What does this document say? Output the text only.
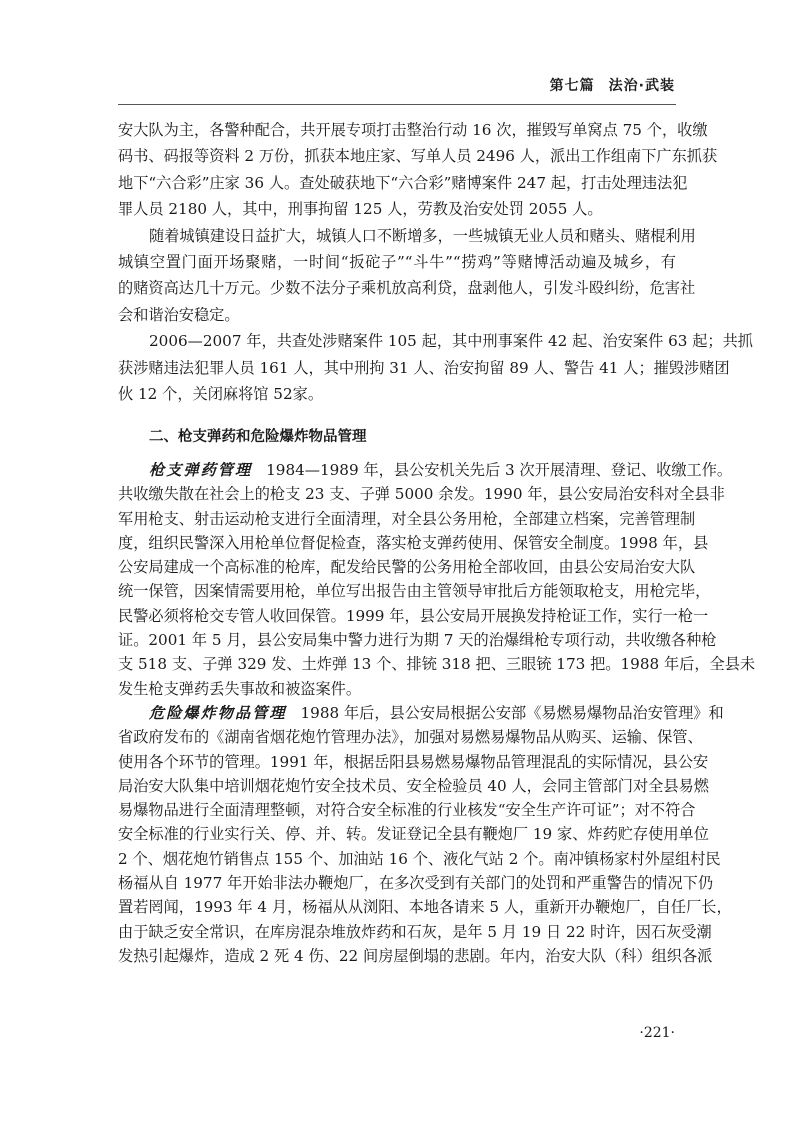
第七篇 法治·武装
安大队为主，各警种配合，共开展专项打击整治行动 16 次，摧毁写单窝点 75 个，收缴
码书、码报等资料 2 万份，抓获本地庄家、写单人员 2496 人，派出工作组南下广东抓获
地下“六合彩”庄家 36 人。查处破获地下“六合彩”赌博案件 247 起，打击处理违法犯
罪人员 2180 人，其中，刑事拘留 125 人，劳教及治安处罚 2055 人。
随着城镇建设日益扩大，城镇人口不断增多，一些城镇无业人员和赌头、赌棍利用
城镇空置门面开场聚赌，一时间“扳砣子”“斗牛”“捞鸡”等赌博活动遍及城乡，有
的赌资高达几十万元。少数不法分子乘机放高利贷，盘剥他人，引发斗殴纠纷，危害社
会和谐治安稳定。
2006—2007 年，共查处涉赌案件 105 起，其中刑事案件 42 起、治安案件 63 起；共抓
获涉赌违法犯罪人员 161 人，其中刑拘 31 人、治安拘留 89 人、警告 41 人；摧毁涉赌团
伙 12 个，关闭麻将馆 52家。
二、枪支弹药和危险爆炸物品管理
枪支弹药管理 1984—1989 年，县公安机关先后 3 次开展清理、登记、收缴工作。
共收缴失散在社会上的枪支 23 支、子弹 5000 余发。1990 年，县公安局治安科对全县非
军用枪支、射击运动枪支进行全面清理，对全县公务用枪，全部建立档案，完善管理制
度，组织民警深入用枪单位督促检查，落实枪支弹药使用、保管安全制度。1998 年，县
公安局建成一个高标准的枪库，配发给民警的公务用枪全部收回，由县公安局治安大队
统一保管，因案情需要用枪，单位写出报告由主管领导审批后方能领取枪支，用枪完毕，
民警必须将枪交专管人收回保管。1999 年，县公安局开展换发持枪证工作，实行一枪一
证。2001 年 5 月，县公安局集中警力进行为期 7 天的治爆缉枪专项行动，共收缴各种枪
支 518 支、子弹 329 发、土炸弹 13 个、排铳 318 把、三眼铳 173 把。1988 年后，全县未
发生枪支弹药丢失事故和被盗案件。
危险爆炸物品管理 1988 年后，县公安局根据公安部《易燃易爆物品治安管理》和
省政府发布的《湖南省烟花炮竹管理办法》，加强对易燃易爆物品从购买、运输、保管、
使用各个环节的管理。1991 年，根据岳阳县易燃易爆物品管理混乱的实际情况，县公安
局治安大队集中培训烟花炮竹安全技术员、安全检验员 40 人，会同主管部门对全县易燃
易爆物品进行全面清理整顿，对符合安全标准的行业核发“安全生产许可证”；对不符合
安全标准的行业实行关、停、并、转。发证登记全县有鞭炮厂 19 家、炸药贮存使用单位
2 个、烟花炮竹销售点 155 个、加油站 16 个、液化气站 2 个。南冲镇杨家村外屋组村民
杨福从自 1977 年开始非法办鞭炮厂，在多次受到有关部门的处罚和严重警告的情况下仍
置若罔闻，1993 年 4 月，杨福从从浏阳、本地各请来 5 人，重新开办鞭炮厂，自任厂长，
由于缺乏安全常识，在库房混杂堆放炸药和石灰，是年 5 月 19 日 22 时许，因石灰受潮
发热引起爆炸，造成 2 死 4 伤、22 间房屋倒塌的悲剧。年内，治安大队（科）组织各派
·221·
